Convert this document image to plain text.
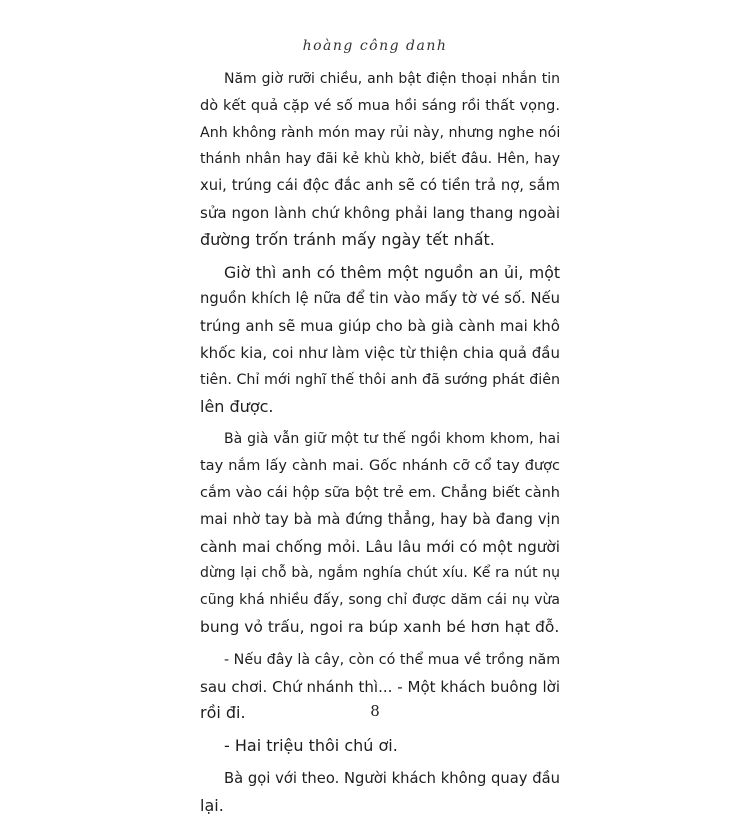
hoàng công danh
Năm giờ rưỡi chiều, anh bật điện thoại nhắn tin
dò kết quả cặp vé số mua hồi sáng rồi thất vọng.
Anh không rành món may rủi này, nhưng nghe nói
thánh nhân hay đãi kẻ khù khờ, biết đâu. Hên, hay
xui, trúng cái độc đắc anh sẽ có tiền trả nợ, sắm
sửa ngon lành chứ không phải lang thang ngoài
đường trốn tránh mấy ngày tết nhất.
Giờ thì anh có thêm một nguồn an ủi, một
nguồn khích lệ nữa để tin vào mấy tờ vé số. Nếu
trúng anh sẽ mua giúp cho bà già cành mai khô
khốc kia, coi như làm việc từ thiện chia quả đầu
tiên. Chỉ mới nghĩ thế thôi anh đã sướng phát điên
lên được.
Bà già vẫn giữ một tư thế ngồi khom khom, hai
tay nắm lấy cành mai. Gốc nhánh cỡ cổ tay được
cắm vào cái hộp sữa bột trẻ em. Chẳng biết cành
mai nhờ tay bà mà đứng thẳng, hay bà đang vịn
cành mai chống mỏi. Lâu lâu mới có một người
dừng lại chỗ bà, ngắm nghía chút xíu. Kể ra nút nụ
cũng khá nhiều đấy, song chỉ được dăm cái nụ vừa
bung vỏ trấu, ngoi ra búp xanh bé hơn hạt đỗ.
- Nếu đây là cây, còn có thể mua về trồng năm
sau chơi. Chứ nhánh thì... - Một khách buông lời
rồi đi.
- Hai triệu thôi chú ơi.
Bà gọi với theo. Người khách không quay đầu
lại.
8
